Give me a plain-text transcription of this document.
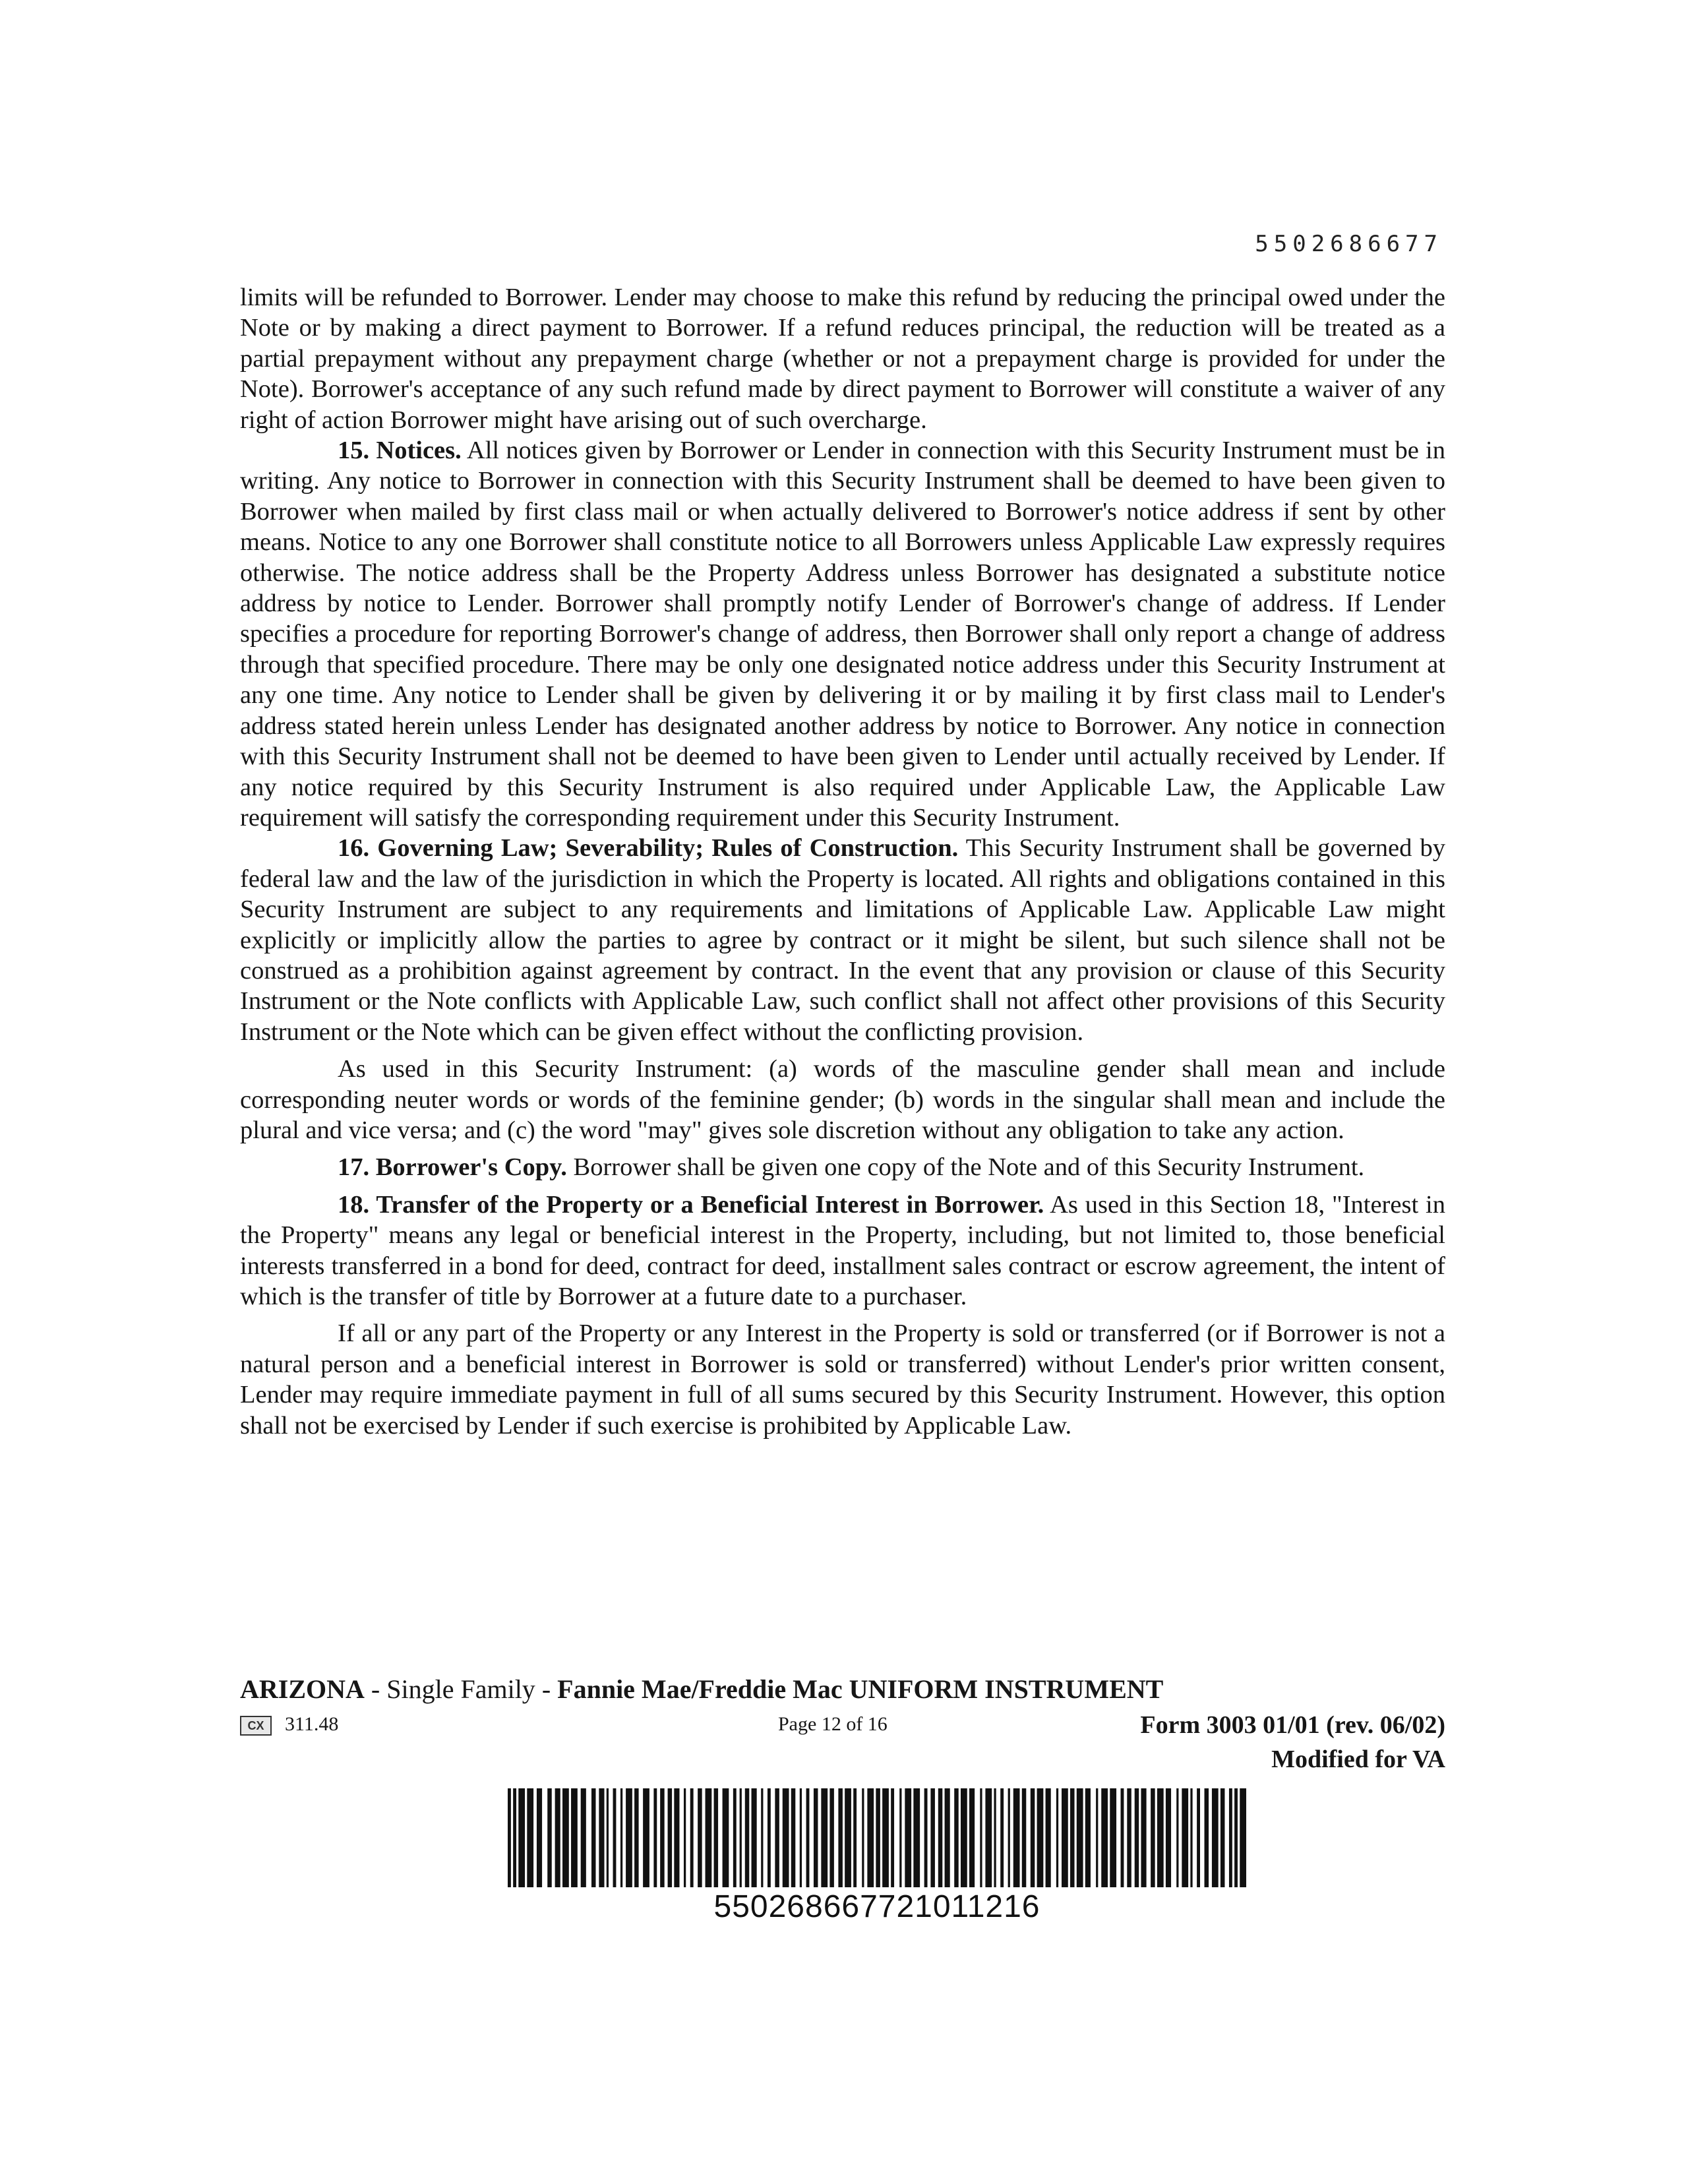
5502686677

limits will be refunded to Borrower. Lender may choose to make this refund by reducing the principal owed under the Note or by making a direct payment to Borrower. If a refund reduces principal, the reduction will be treated as a partial prepayment without any prepayment charge (whether or not a prepayment charge is provided for under the Note). Borrower's acceptance of any such refund made by direct payment to Borrower will constitute a waiver of any right of action Borrower might have arising out of such overcharge.

15. Notices. All notices given by Borrower or Lender in connection with this Security Instrument must be in writing. Any notice to Borrower in connection with this Security Instrument shall be deemed to have been given to Borrower when mailed by first class mail or when actually delivered to Borrower's notice address if sent by other means. Notice to any one Borrower shall constitute notice to all Borrowers unless Applicable Law expressly requires otherwise. The notice address shall be the Property Address unless Borrower has designated a substitute notice address by notice to Lender. Borrower shall promptly notify Lender of Borrower's change of address. If Lender specifies a procedure for reporting Borrower's change of address, then Borrower shall only report a change of address through that specified procedure. There may be only one designated notice address under this Security Instrument at any one time. Any notice to Lender shall be given by delivering it or by mailing it by first class mail to Lender's address stated herein unless Lender has designated another address by notice to Borrower. Any notice in connection with this Security Instrument shall not be deemed to have been given to Lender until actually received by Lender. If any notice required by this Security Instrument is also required under Applicable Law, the Applicable Law requirement will satisfy the corresponding requirement under this Security Instrument.

16. Governing Law; Severability; Rules of Construction. This Security Instrument shall be governed by federal law and the law of the jurisdiction in which the Property is located. All rights and obligations contained in this Security Instrument are subject to any requirements and limitations of Applicable Law. Applicable Law might explicitly or implicitly allow the parties to agree by contract or it might be silent, but such silence shall not be construed as a prohibition against agreement by contract. In the event that any provision or clause of this Security Instrument or the Note conflicts with Applicable Law, such conflict shall not affect other provisions of this Security Instrument or the Note which can be given effect without the conflicting provision.

As used in this Security Instrument: (a) words of the masculine gender shall mean and include corresponding neuter words or words of the feminine gender; (b) words in the singular shall mean and include the plural and vice versa; and (c) the word "may" gives sole discretion without any obligation to take any action.

17. Borrower's Copy. Borrower shall be given one copy of the Note and of this Security Instrument.

18. Transfer of the Property or a Beneficial Interest in Borrower. As used in this Section 18, "Interest in the Property" means any legal or beneficial interest in the Property, including, but not limited to, those beneficial interests transferred in a bond for deed, contract for deed, installment sales contract or escrow agreement, the intent of which is the transfer of title by Borrower at a future date to a purchaser.

If all or any part of the Property or any Interest in the Property is sold or transferred (or if Borrower is not a natural person and a beneficial interest in Borrower is sold or transferred) without Lender's prior written consent, Lender may require immediate payment in full of all sums secured by this Security Instrument. However, this option shall not be exercised by Lender if such exercise is prohibited by Applicable Law.

ARIZONA - Single Family - Fannie Mae/Freddie Mac UNIFORM INSTRUMENT
CX	311.48	Page 12 of 16	Form 3003 01/01 (rev. 06/02)
Modified for VA
550268667721011216
